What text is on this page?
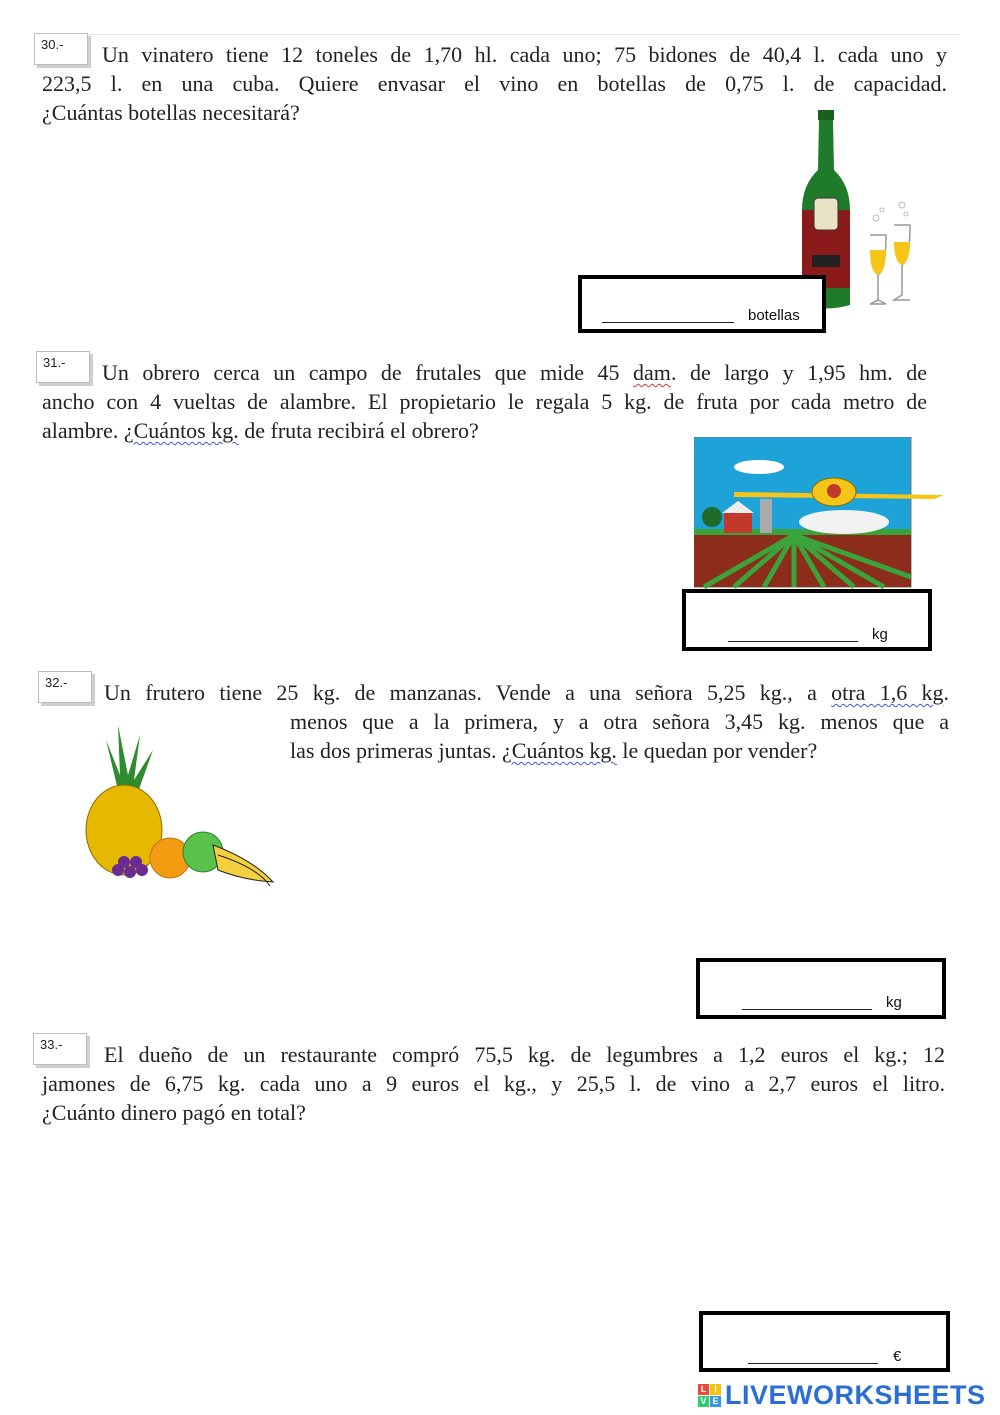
30.-	Un vinatero tiene 12 toneles de 1,70 hl. cada uno; 75 bidones de 40,4 l. cada uno y
223,5 l. en una cuba. Quiere envasar el vino en botellas de 0,75 l. de capacidad.
¿Cuántas botellas necesitará?
botellas
31.-	Un obrero cerca un campo de frutales que mide 45 dam. de largo y 1,95 hm. de
ancho con 4 vueltas de alambre. El propietario le regala 5 kg. de fruta por cada metro de
alambre. ¿Cuántos kg. de fruta recibirá el obrero?
kg
32.-	Un frutero tiene 25 kg. de manzanas. Vende a una señora 5,25 kg., a otra 1,6 kg.
menos que a la primera, y a otra señora 3,45 kg. menos que a
las dos primeras juntas. ¿Cuántos kg. le quedan por vender?
kg
33.-	El dueño de un restaurante compró 75,5 kg. de legumbres a 1,2 euros el kg.; 12
jamones de 6,75 kg. cada uno a 9 euros el kg., y 25,5 l. de vino a 2,7 euros el litro.
¿Cuánto dinero pagó en total?
€
L I
V E LIVEWORKSHEETS
